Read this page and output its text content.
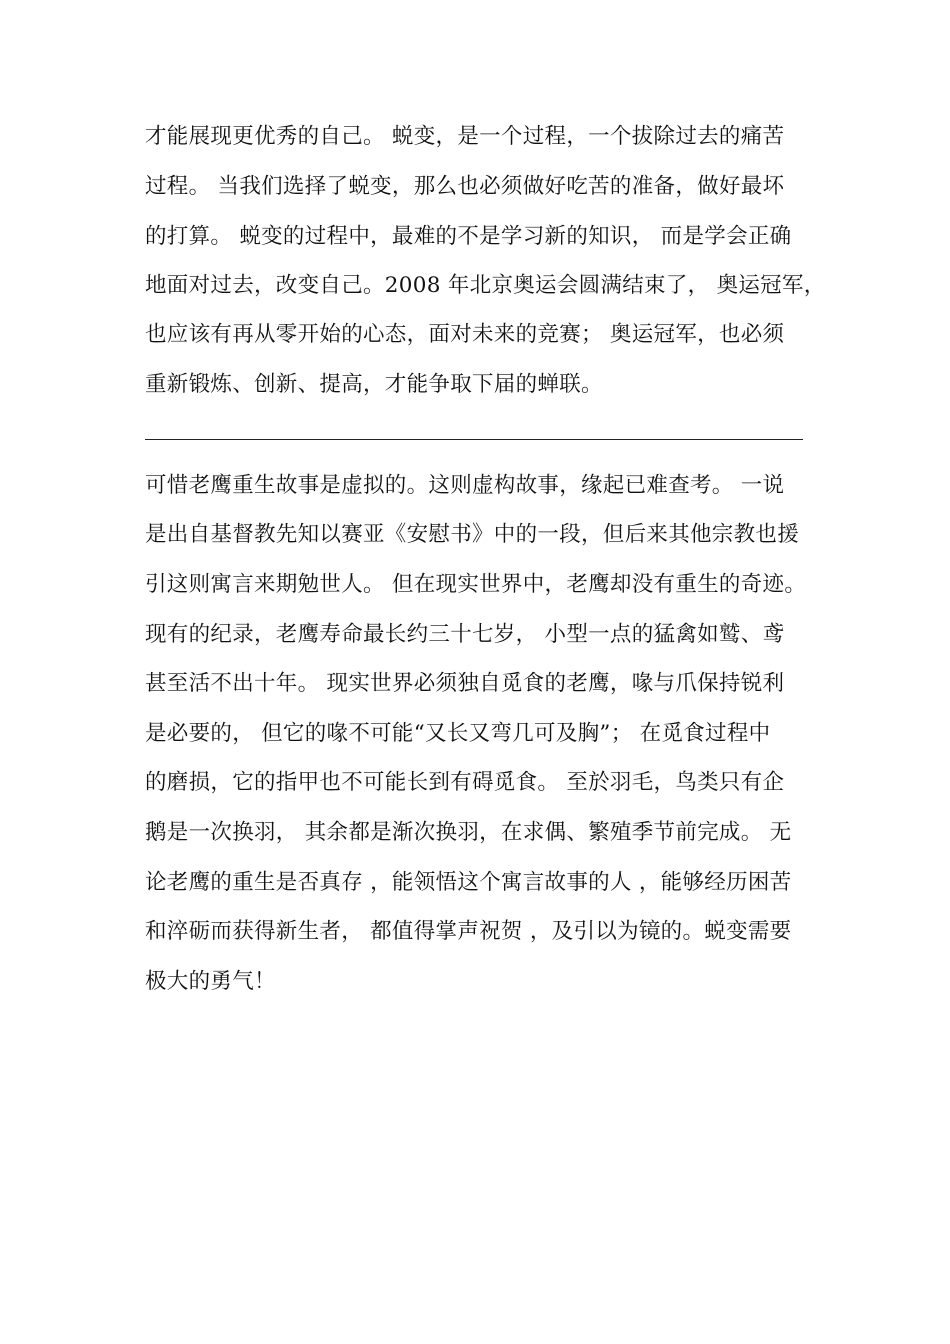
才能展现更优秀的自己。 蜕变，是一个过程，一个拔除过去的痛苦
过程。 当我们选择了蜕变，那么也必须做好吃苦的准备，做好最坏
的打算。 蜕变的过程中，最难的不是学习新的知识， 而是学会正确
地面对过去，改变自己。2008 年北京奥运会圆满结束了， 奥运冠军，
也应该有再从零开始的心态，面对未来的竞赛； 奥运冠军，也必须
重新锻炼、创新、提高，才能争取下届的蝉联。
可惜老鹰重生故事是虚拟的。这则虚构故事，缘起已难查考。 一说
是出自基督教先知以赛亚《安慰书》中的一段，但后来其他宗教也援
引这则寓言来期勉世人。 但在现实世界中，老鹰却没有重生的奇迹。
现有的纪录，老鹰寿命最长约三十七岁， 小型一点的猛禽如鹫、鸢
甚至活不出十年。 现实世界必须独自觅食的老鹰，喙与爪保持锐利
是必要的， 但它的喙不可能“又长又弯几可及胸”； 在觅食过程中
的磨损，它的指甲也不可能长到有碍觅食。 至於羽毛，鸟类只有企
鹅是一次换羽， 其余都是渐次换羽，在求偶、繁殖季节前完成。 无
论老鹰的重生是否真存 ，能领悟这个寓言故事的人 ，能够经历困苦
和淬砺而获得新生者， 都值得掌声祝贺 ，及引以为镜的。蜕变需要
极大的勇气！
